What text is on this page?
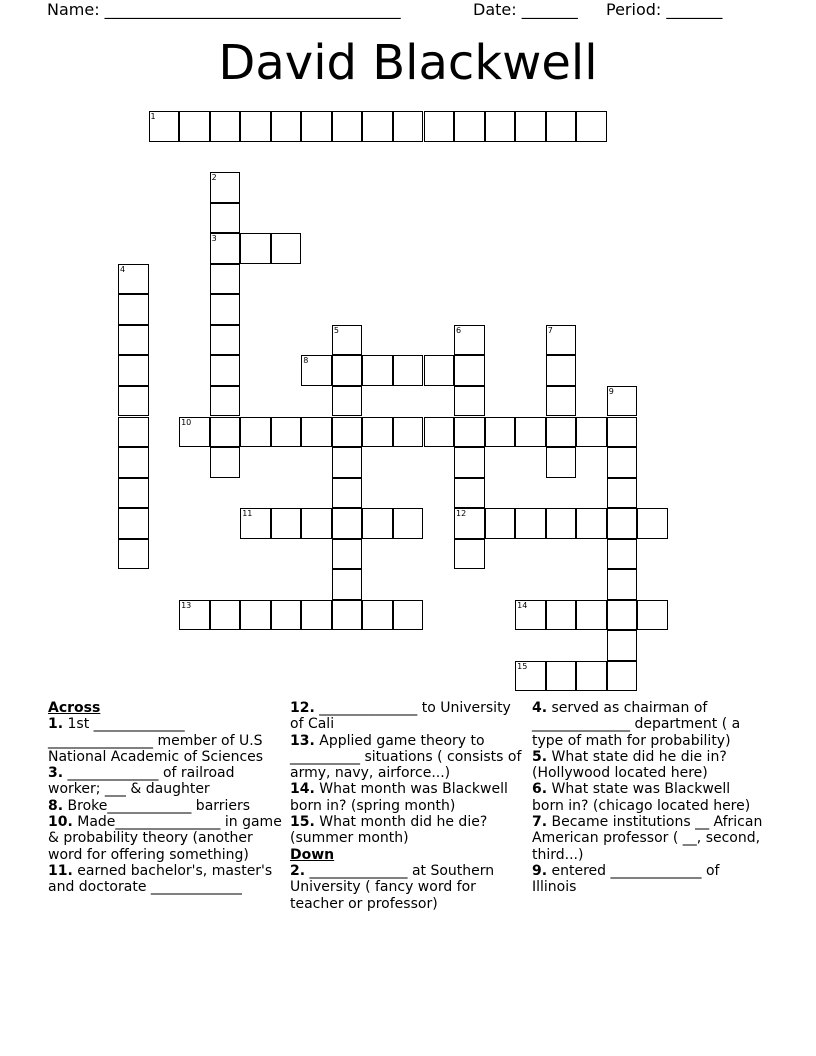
Name: _____________________________________	Date: _______ Period: _______
David Blackwell
1
2
3
4
5	6
12
7
8
9
10
11
13	14
15
Across
1. 1st _____________ _______________ member of U.S National Academic of Sciences
3. _____________ of railroad worker; ___ & daughter
8. Broke____________ barriers
10. Made_______________ in game & probability theory (another word for offering something)
11. earned bachelor's, master's and doctorate _____________
12. ______________ to University of Cali
13. Applied game theory to __________ situations ( consists of army, navy, airforce...)
14. What month was Blackwell born in? (spring month)
15. What month did he die? (summer month)
Down
2. ______________ at Southern University ( fancy word for teacher or professor)
4. served as chairman of ______________ department ( a type of math for probability)
5. What state did he die in? (Hollywood located here)
6. What state was Blackwell born in? (chicago located here)
7. Became institutions __ African American professor ( __, second, third...)
9. entered _____________ of Illinois
